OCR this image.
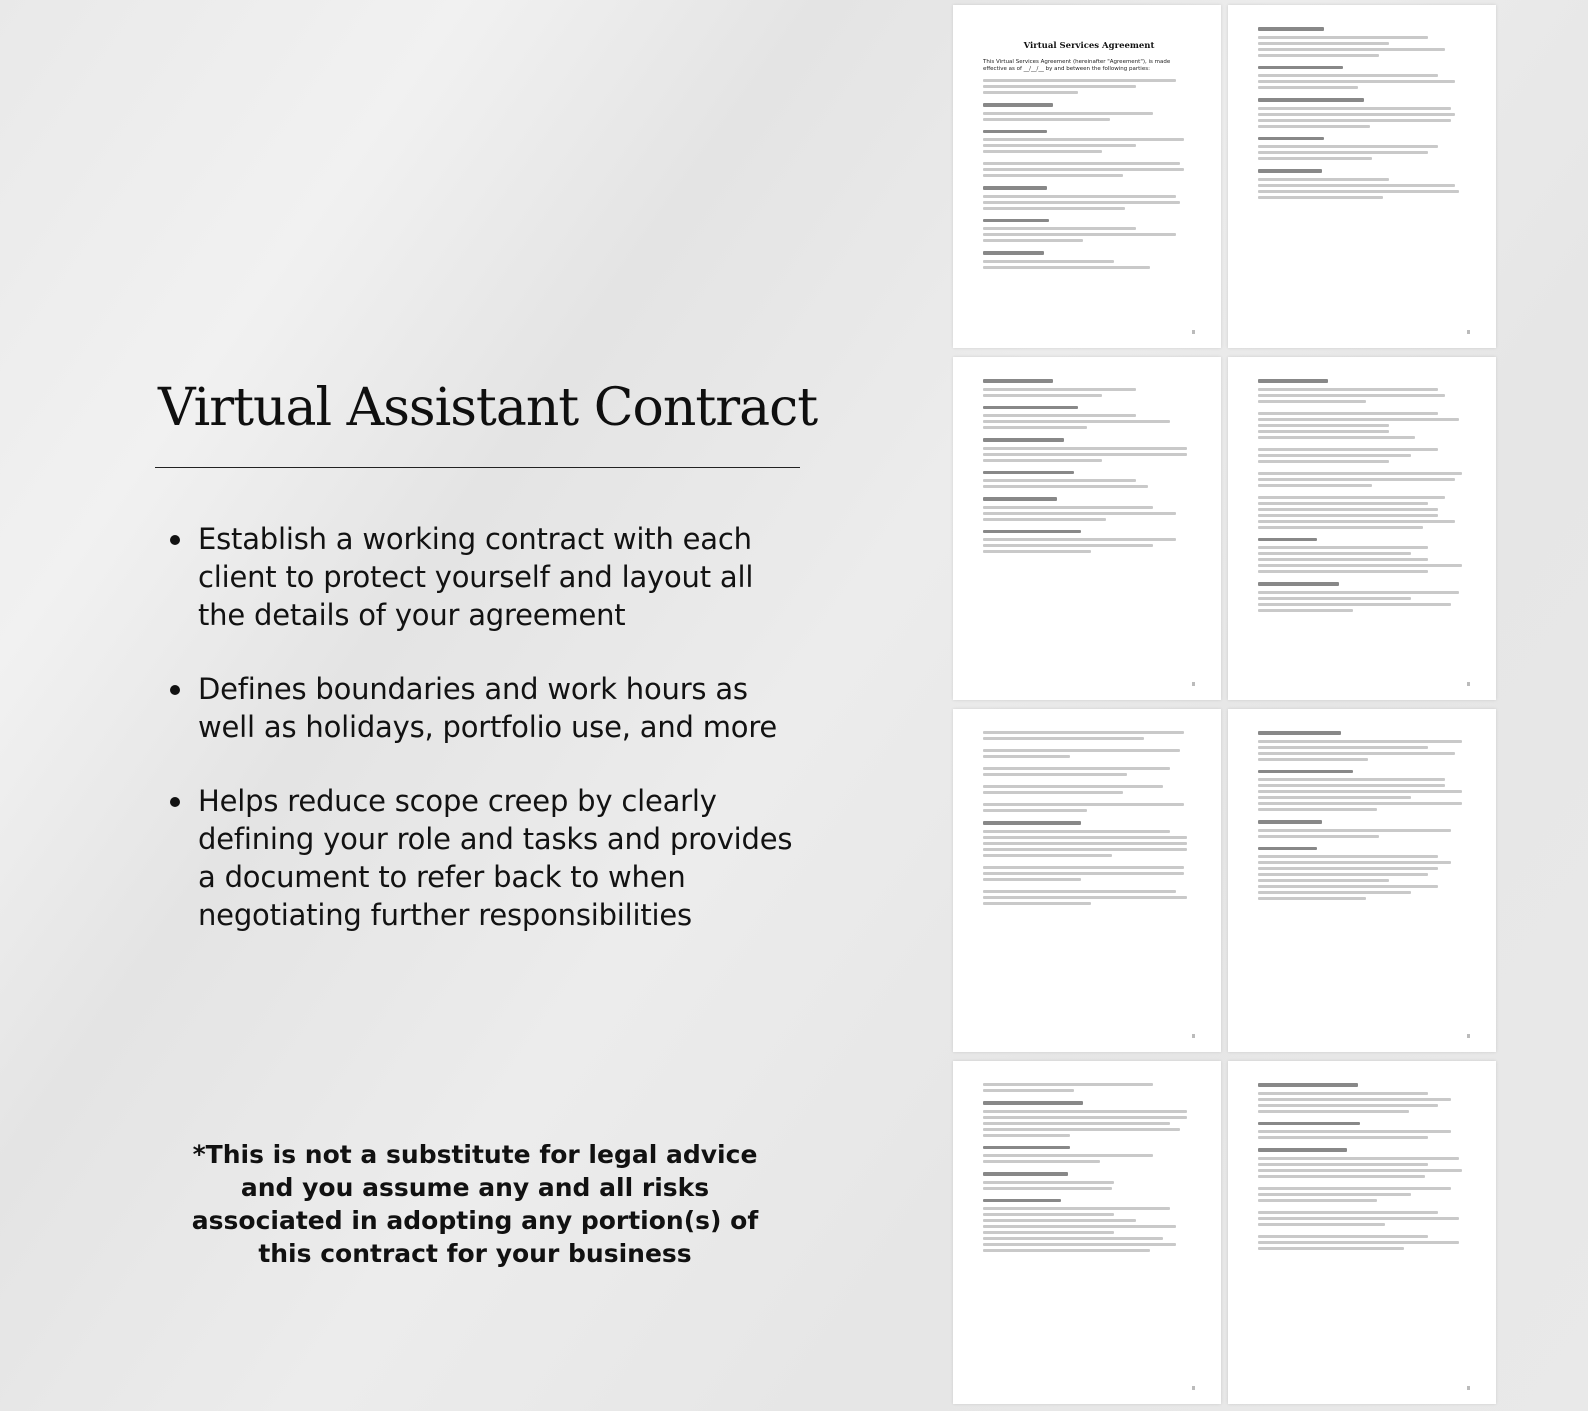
Virtual Assistant Contract
Establish a working contract with each client to protect yourself and layout all the details of your agreement
Defines boundaries and work hours as well as holidays, portfolio use, and more
Helps reduce scope creep by clearly defining your role and tasks and provides a document to refer back to when negotiating further responsibilities

*This is not a substitute for legal advice and you assume any and all risks associated in adopting any portion(s) of this contract for your business

Virtual Services Agreement
This Virtual Services Agreement (hereinafter "Agreement"), is made effective as of __/__/__ by and between the following parties:
